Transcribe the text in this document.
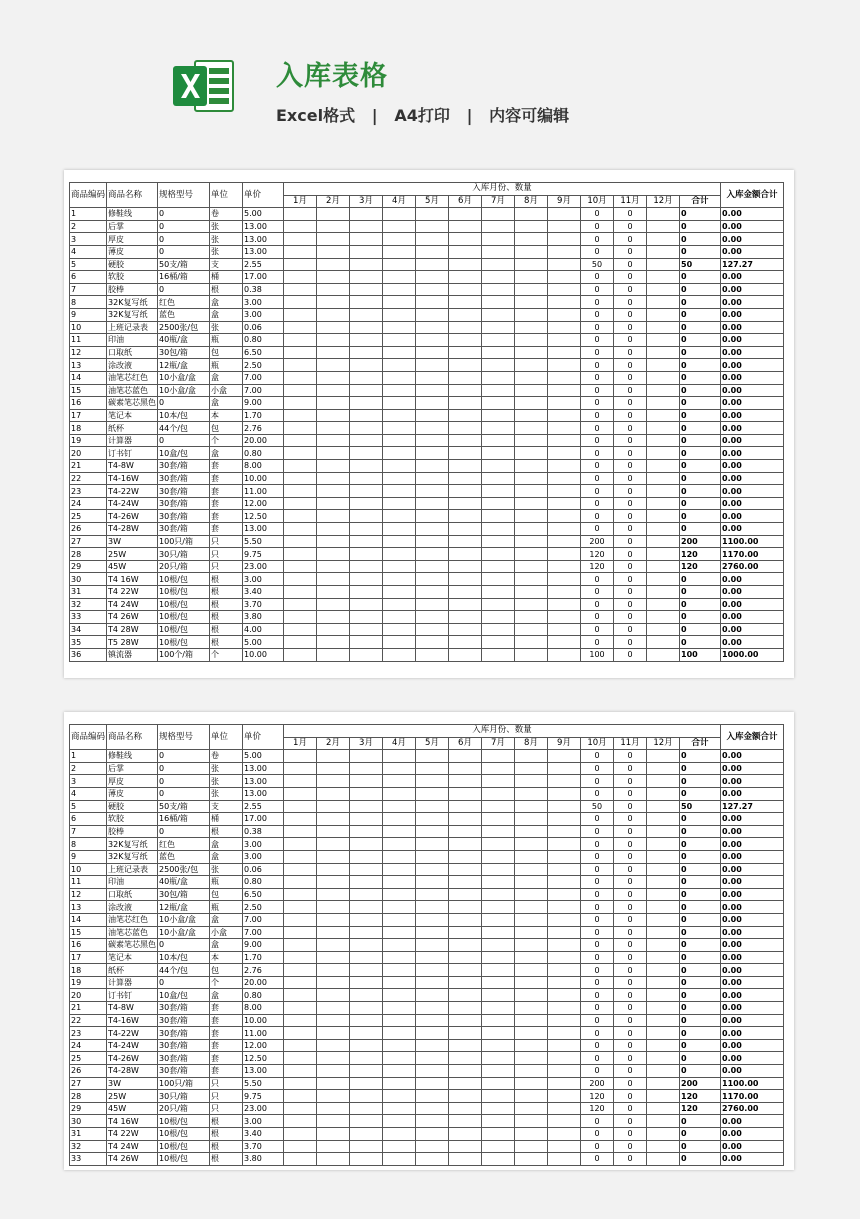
入库表格
Excel格式   |   A4打印   |   内容可编辑
商品编码	商品名称	规格型号	单位	单价	入库月份、数量													入库金额合计
					1月	2月	3月	4月	5月	6月	7月	8月	9月	10月	11月	12月	合计	
1	修鞋线	0	卷	5.00										0	0		0	0.00
2	后掌	0	张	13.00										0	0		0	0.00
3	厚皮	0	张	13.00										0	0		0	0.00
4	薄皮	0	张	13.00										0	0		0	0.00
5	硬胶	50支/箱	支	2.55										50	0		50	127.27
6	软胶	16桶/箱	桶	17.00										0	0		0	0.00
7	胶棒	0	根	0.38										0	0		0	0.00
8	32K复写纸	红色	盒	3.00										0	0		0	0.00
9	32K复写纸	蓝色	盒	3.00										0	0		0	0.00
10	上班记录表	2500张/包	张	0.06										0	0		0	0.00
11	印油	40瓶/盒	瓶	0.80										0	0		0	0.00
12	口取纸	30包/箱	包	6.50										0	0		0	0.00
13	涂改液	12瓶/盒	瓶	2.50										0	0		0	0.00
14	油笔芯红色	10小盒/盒	盒	7.00										0	0		0	0.00
15	油笔芯蓝色	10小盒/盒	小盒	7.00										0	0		0	0.00
16	碳素笔芯黑色	0	盒	9.00										0	0		0	0.00
17	笔记本	10本/包	本	1.70										0	0		0	0.00
18	纸杯	44个/包	包	2.76										0	0		0	0.00
19	计算器	0	个	20.00										0	0		0	0.00
20	订书钉	10盒/包	盒	0.80										0	0		0	0.00
21	T4-8W	30套/箱	套	8.00										0	0		0	0.00
22	T4-16W	30套/箱	套	10.00										0	0		0	0.00
23	T4-22W	30套/箱	套	11.00										0	0		0	0.00
24	T4-24W	30套/箱	套	12.00										0	0		0	0.00
25	T4-26W	30套/箱	套	12.50										0	0		0	0.00
26	T4-28W	30套/箱	套	13.00										0	0		0	0.00
27	3W	100只/箱	只	5.50										200	0		200	1100.00
28	25W	30只/箱	只	9.75										120	0		120	1170.00
29	45W	20只/箱	只	23.00										120	0		120	2760.00
30	T4 16W	10根/包	根	3.00										0	0		0	0.00
31	T4 22W	10根/包	根	3.40										0	0		0	0.00
32	T4 24W	10根/包	根	3.70										0	0		0	0.00
33	T4 26W	10根/包	根	3.80										0	0		0	0.00
34	T4 28W	10根/包	根	4.00										0	0		0	0.00
35	T5 28W	10根/包	根	5.00										0	0		0	0.00
36	镇流器	100个/箱	个	10.00										100	0		100	1000.00
商品编码	商品名称	规格型号	单位	单价	入库月份、数量													入库金额合计
					1月	2月	3月	4月	5月	6月	7月	8月	9月	10月	11月	12月	合计	
1	修鞋线	0	卷	5.00										0	0		0	0.00
2	后掌	0	张	13.00										0	0		0	0.00
3	厚皮	0	张	13.00										0	0		0	0.00
4	薄皮	0	张	13.00										0	0		0	0.00
5	硬胶	50支/箱	支	2.55										50	0		50	127.27
6	软胶	16桶/箱	桶	17.00										0	0		0	0.00
7	胶棒	0	根	0.38										0	0		0	0.00
8	32K复写纸	红色	盒	3.00										0	0		0	0.00
9	32K复写纸	蓝色	盒	3.00										0	0		0	0.00
10	上班记录表	2500张/包	张	0.06										0	0		0	0.00
11	印油	40瓶/盒	瓶	0.80										0	0		0	0.00
12	口取纸	30包/箱	包	6.50										0	0		0	0.00
13	涂改液	12瓶/盒	瓶	2.50										0	0		0	0.00
14	油笔芯红色	10小盒/盒	盒	7.00										0	0		0	0.00
15	油笔芯蓝色	10小盒/盒	小盒	7.00										0	0		0	0.00
16	碳素笔芯黑色	0	盒	9.00										0	0		0	0.00
17	笔记本	10本/包	本	1.70										0	0		0	0.00
18	纸杯	44个/包	包	2.76										0	0		0	0.00
19	计算器	0	个	20.00										0	0		0	0.00
20	订书钉	10盒/包	盒	0.80										0	0		0	0.00
21	T4-8W	30套/箱	套	8.00										0	0		0	0.00
22	T4-16W	30套/箱	套	10.00										0	0		0	0.00
23	T4-22W	30套/箱	套	11.00										0	0		0	0.00
24	T4-24W	30套/箱	套	12.00										0	0		0	0.00
25	T4-26W	30套/箱	套	12.50										0	0		0	0.00
26	T4-28W	30套/箱	套	13.00										0	0		0	0.00
27	3W	100只/箱	只	5.50										200	0		200	1100.00
28	25W	30只/箱	只	9.75										120	0		120	1170.00
29	45W	20只/箱	只	23.00										120	0		120	2760.00
30	T4 16W	10根/包	根	3.00										0	0		0	0.00
31	T4 22W	10根/包	根	3.40										0	0		0	0.00
32	T4 24W	10根/包	根	3.70										0	0		0	0.00
33	T4 26W	10根/包	根	3.80										0	0		0	0.00
